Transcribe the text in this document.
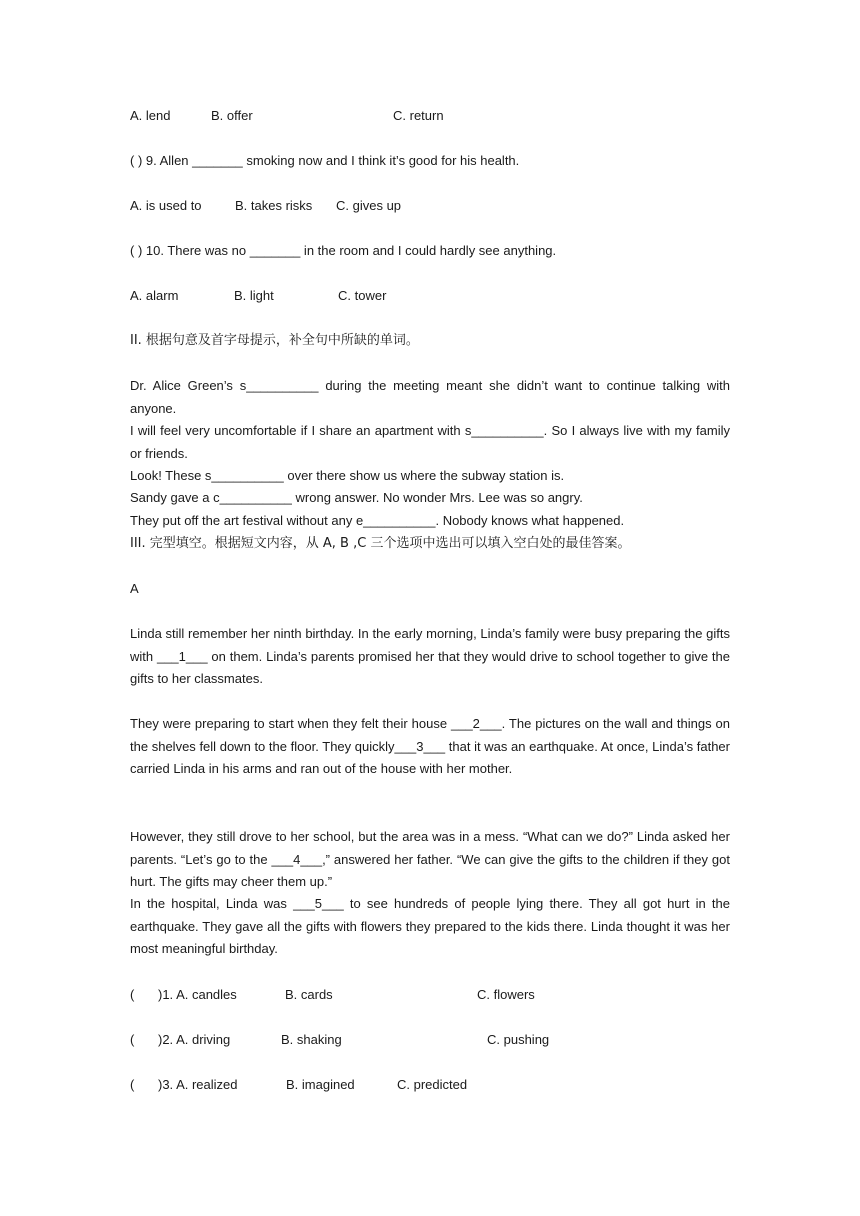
A. lend	B. offer	C. return
( ) 9. Allen _______ smoking now and I think it’s good for his health.
A. is used to	B. takes risks C. gives up
( ) 10. There was no _______ in the room and I could hardly see anything.
A. alarm	B. light	C. tower
II. 根据句意及首字母提示，补全句中所缺的单词。
Dr. Alice Green’s s__________ during the meeting meant she didn’t want to continue talking with anyone.
I will feel very uncomfortable if I share an apartment with s__________. So I always live with my family or friends.
Look! These s__________ over there show us where the subway station is.
Sandy gave a c__________ wrong answer. No wonder Mrs. Lee was so angry.
They put off the art festival without any e__________. Nobody knows what happened.
III. 完型填空。根据短文内容，从 A, B ,C 三个选项中选出可以填入空白处的最佳答案。
A
Linda still remember her ninth birthday. In the early morning, Linda’s family were busy preparing the gifts with ___1___ on them. Linda’s parents promised her that they would drive to school together to give the gifts to her classmates.
They were preparing to start when they felt their house ___2___. The pictures on the wall and things on the shelves fell down to the floor. They quickly___3___ that it was an earthquake. At once, Linda’s father carried Linda in his arms and ran out of the house with her mother.
However, they still drove to her school, but the area was in a mess. “What can we do?” Linda asked her parents. “Let’s go to the ___4___,” answered her father. “We can give the gifts to the children if they got hurt. The gifts may cheer them up.”
In the hospital, Linda was ___5___ to see hundreds of people lying there. They all got hurt in the earthquake. They gave all the gifts with flowers they prepared to the kids there. Linda thought it was her most meaningful birthday.
( )1. A. candles	B. cards	C. flowers
( )2. A. driving	B. shaking	C. pushing
( )3. A. realized	B. imagined	C. predicted
